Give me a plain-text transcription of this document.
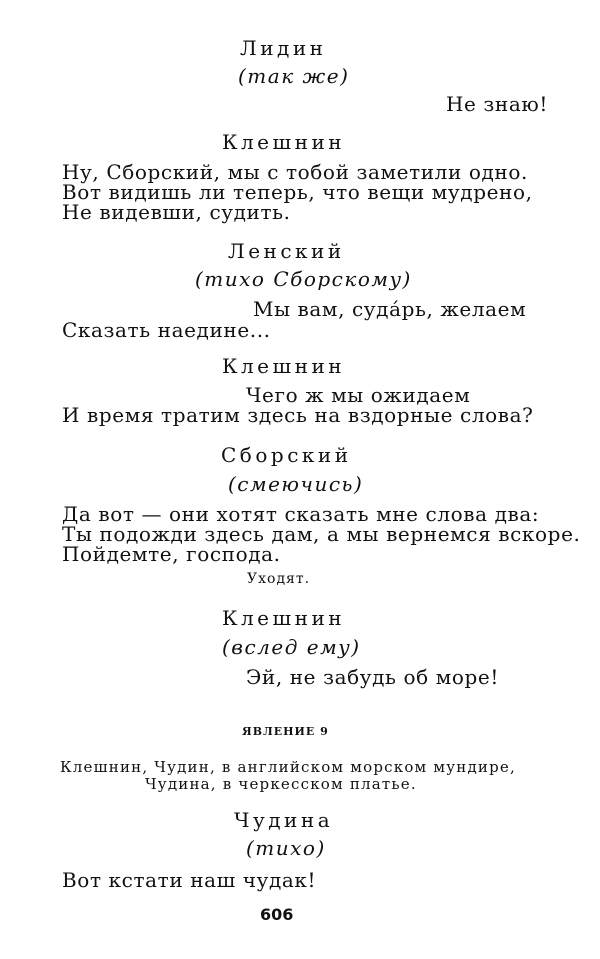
Лидин
(так же)
Не знаю!
Клешнин
Ну, Сборский, мы с тобой заметили одно.
Вот видишь ли теперь, что вещи мудрено,
Не видевши, судить.
Ленский
(тихо Сборскому)
Мы вам, суда́рь, желаем
Сказать наедине...
Клешнин
Чего ж мы ожидаем
И время тратим здесь на вздорные слова?
Сборский
(смеючись)
Да вот — они хотят сказать мне слова два:
Ты подожди здесь дам, а мы вернемся вскоре.
Пойдемте, господа.
Уходят.
Клешнин
(вслед ему)
Эй, не забудь об море!
ЯВЛЕНИЕ 9
Клешнин, Чудин, в английском морском мундире,
Чудина, в черкесском платье.
Чудина
(тихо)
Вот кстати наш чудак!
606
